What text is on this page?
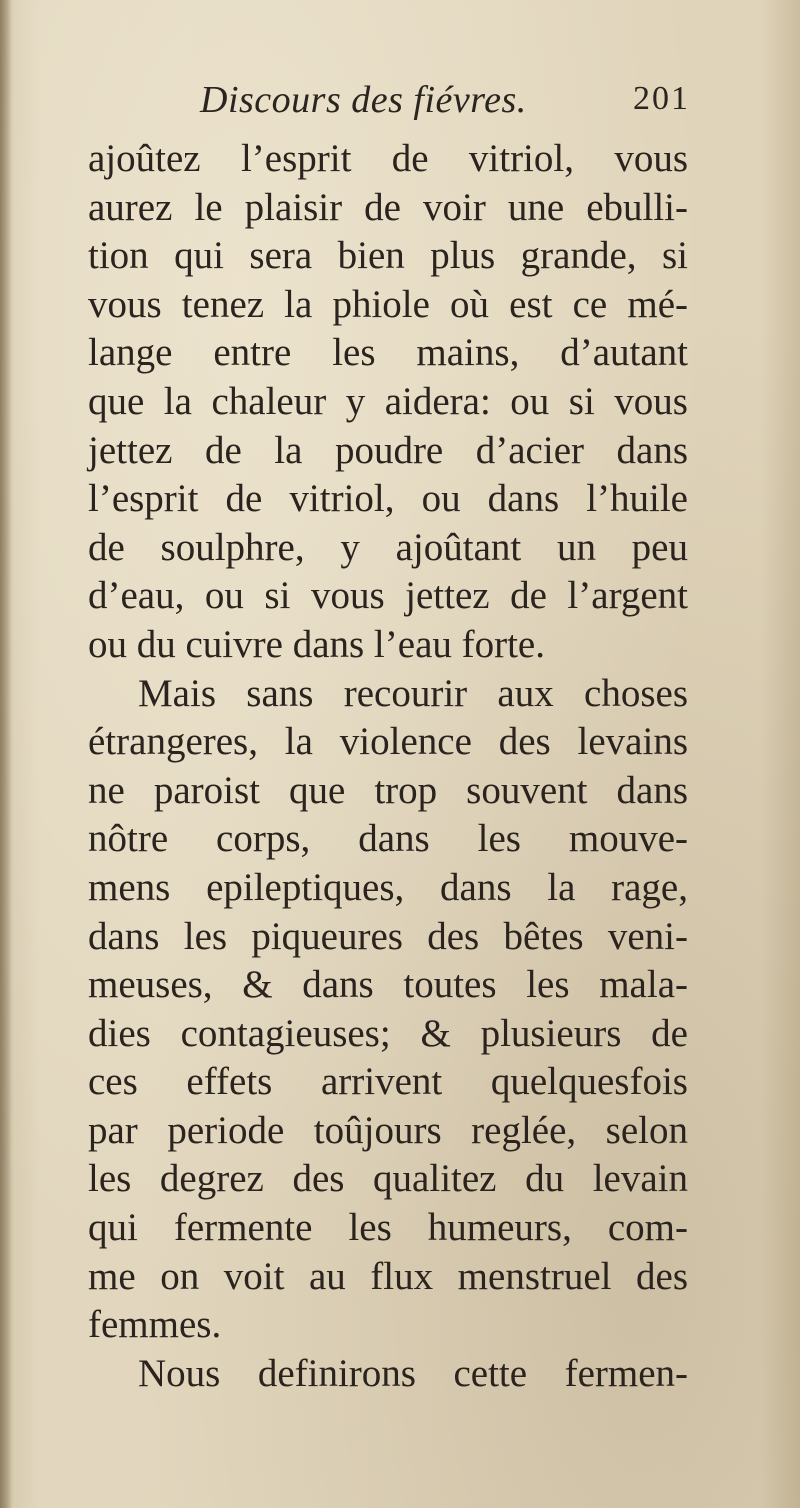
Discours des fiévres.	201
ajoûtez l’esprit de vitriol, vous
aurez le plaisir de voir une ebulli-
tion qui sera bien plus grande, si
vous tenez la phiole où est ce mé-
lange entre les mains, d’autant
que la chaleur y aidera: ou si vous
jettez de la poudre d’acier dans
l’esprit de vitriol, ou dans l’huile
de soulphre, y ajoûtant un peu
d’eau, ou si vous jettez de l’argent
ou du cuivre dans l’eau forte.
Mais sans recourir aux choses
étrangeres, la violence des levains
ne paroist que trop souvent dans
nôtre corps, dans les mouve-
mens epileptiques, dans la rage,
dans les piqueures des bêtes veni-
meuses, & dans toutes les mala-
dies contagieuses; & plusieurs de
ces effets arrivent quelquesfois
par periode toûjours reglée, selon
les degrez des qualitez du levain
qui fermente les humeurs, com-
me on voit au flux menstruel des
femmes.
Nous definirons cette fermen-
